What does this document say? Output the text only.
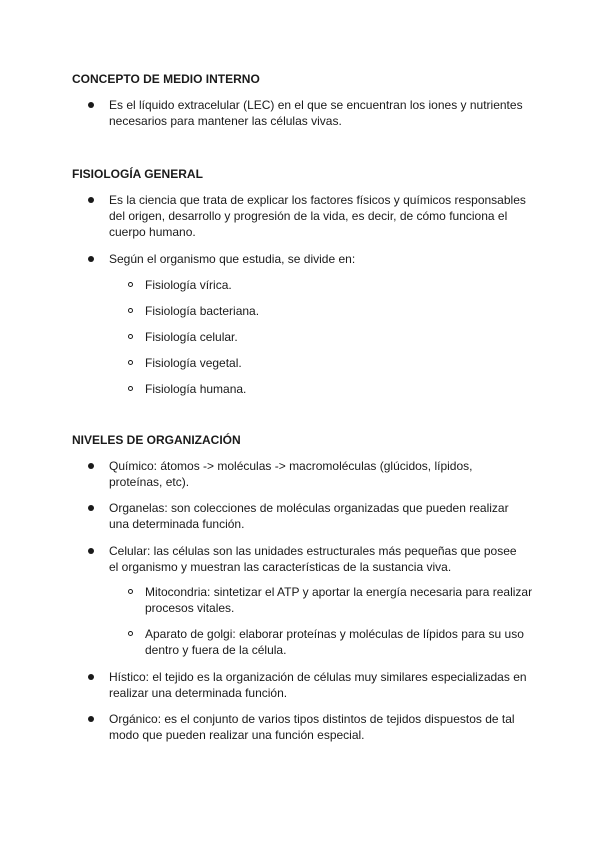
CONCEPTO DE MEDIO INTERNO
Es el líquido extracelular (LEC) en el que se encuentran los iones y nutrientes necesarios para mantener las células vivas.
FISIOLOGÍA GENERAL
Es la ciencia que trata de explicar los factores físicos y químicos responsables del origen, desarrollo y progresión de la vida, es decir, de cómo funciona el cuerpo humano.
Según el organismo que estudia, se divide en:
Fisiología vírica.
Fisiología bacteriana.
Fisiología celular.
Fisiología vegetal.
Fisiología humana.
NIVELES DE ORGANIZACIÓN
Químico: átomos -> moléculas -> macromoléculas (glúcidos, lípidos, proteínas, etc).
Organelas: son colecciones de moléculas organizadas que pueden realizar una determinada función.
Celular: las células son las unidades estructurales más pequeñas que posee el organismo y muestran las características de la sustancia viva.
Mitocondria: sintetizar el ATP y aportar la energía necesaria para realizar procesos vitales.
Aparato de golgi: elaborar proteínas y moléculas de lípidos para su uso dentro y fuera de la célula.
Hístico: el tejido es la organización de células muy similares especializadas en realizar una determinada función.
Orgánico: es el conjunto de varios tipos distintos de tejidos dispuestos de tal modo que pueden realizar una función especial.
